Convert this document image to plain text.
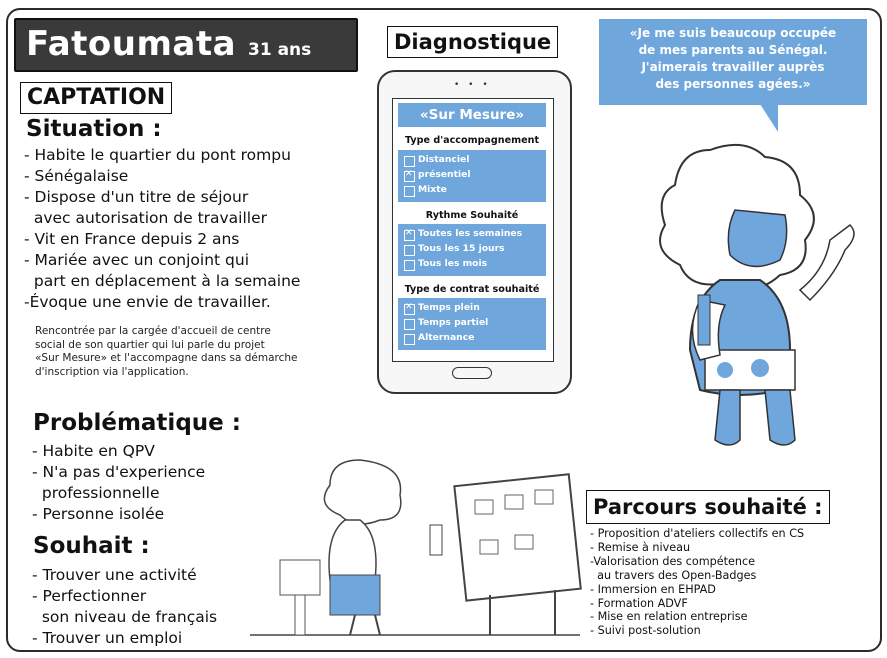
Fatoumata 31 ans
CAPTATION
Situation :
- Habite le quartier du pont rompu
- Sénégalaise
- Dispose d'un titre de séjour
avec autorisation de travailler
- Vit en France depuis 2 ans
- Mariée avec un conjoint qui
part en déplacement à la semaine
-Évoque une envie de travailler.
Rencontrée par la cargée d'accueil de centre
social de son quartier qui lui parle du projet
«Sur Mesure» et l'accompagne dans sa démarche
d'inscription via l'application.
Problématique :
- Habite en QPV
- N'a pas d'experience
professionnelle
- Personne isolée
Souhait :
- Trouver une activité
- Perfectionner
son niveau de français
- Trouver un emploi
Diagnostique
• • •
«Sur Mesure»
Type d'accompagnement
Distanciel
✕
présentiel
Mixte
Rythme Souhaité
✕
Toutes les semaines
Tous les 15 jours
Tous les mois
Type de contrat souhaité
✕
Temps plein
Temps partiel
Alternance
«Je me suis beaucoup occupée
de mes parents au Sénégal.
J'aimerais travailler auprès
des personnes agées.»
Parcours souhaité :
- Proposition d'ateliers collectifs en CS
- Remise à niveau
-Valorisation des compétence
au travers des Open-Badges
- Immersion en EHPAD
- Formation ADVF
- Mise en relation entreprise
- Suivi post-solution
